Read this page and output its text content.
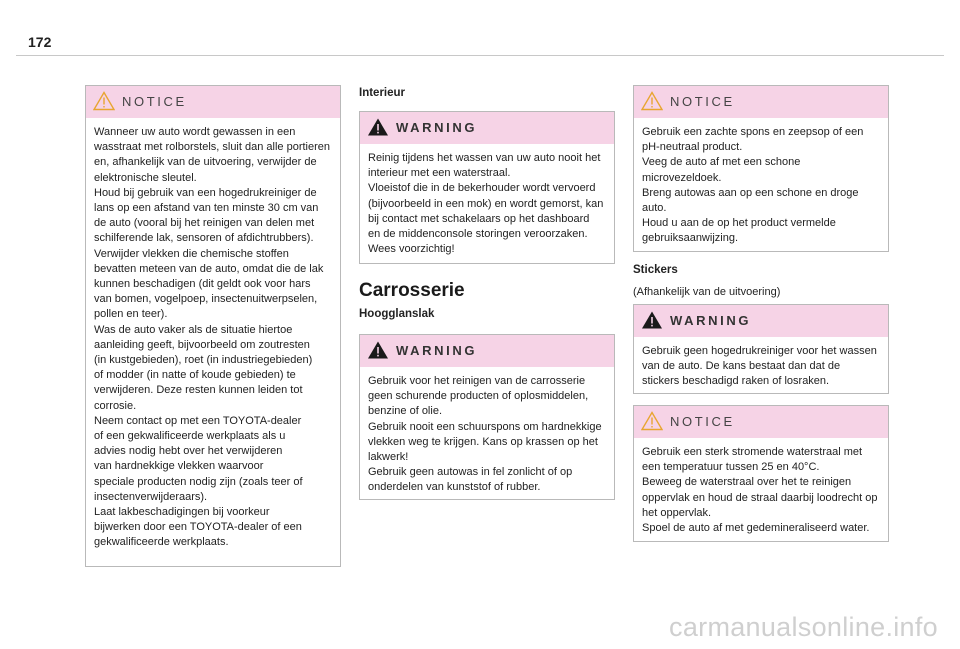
172
NOTICE

Wanneer uw auto wordt gewassen in een
wasstraat met rolborstels, sluit dan alle portieren
en, afhankelijk van de uitvoering, verwijder de
elektronische sleutel.
Houd bij gebruik van een hogedrukreiniger de
lans op een afstand van ten minste 30 cm van
de auto (vooral bij het reinigen van delen met
schilferende lak, sensoren of afdichtrubbers).
Verwijder vlekken die chemische stoffen
bevatten meteen van de auto, omdat die de lak
kunnen beschadigen (dit geldt ook voor hars
van bomen, vogelpoep, insectenuitwerpselen,
pollen en teer).
Was de auto vaker als de situatie hiertoe
aanleiding geeft, bijvoorbeeld om zoutresten
(in kustgebieden), roet (in industriegebieden)
of modder (in natte of koude gebieden) te
verwijderen. Deze resten kunnen leiden tot
corrosie.
Neem contact op met een TOYOTA-dealer
of een gekwalificeerde werkplaats als u
advies nodig hebt over het verwijderen
van hardnekkige vlekken waarvoor
speciale producten nodig zijn (zoals teer of
insectenverwijderaars).
Laat lakbeschadigingen bij voorkeur
bijwerken door een TOYOTA-dealer of een
gekwalificeerde werkplaats.

Interieur
WARNING

Reinig tijdens het wassen van uw auto nooit het
interieur met een waterstraal.
Vloeistof die in de bekerhouder wordt vervoerd
(bijvoorbeeld in een mok) en wordt gemorst, kan
bij contact met schakelaars op het dashboard
en de middenconsole storingen veroorzaken.
Wees voorzichtig!

Carrosserie
Hoogglanslak
WARNING

Gebruik voor het reinigen van de carrosserie
geen schurende producten of oplosmiddelen,
benzine of olie.
Gebruik nooit een schuurspons om hardnekkige
vlekken weg te krijgen. Kans op krassen op het
lakwerk!
Gebruik geen autowas in fel zonlicht of op
onderdelen van kunststof of rubber.

NOTICE

Gebruik een zachte spons en zeepsop of een
pH-neutraal product.
Veeg de auto af met een schone
microvezeldoek.
Breng autowas aan op een schone en droge
auto.
Houd u aan de op het product vermelde
gebruiksaanwijzing.

Stickers
(Afhankelijk van de uitvoering)
WARNING

Gebruik geen hogedrukreiniger voor het wassen
van de auto. De kans bestaat dan dat de
stickers beschadigd raken of losraken.

NOTICE

Gebruik een sterk stromende waterstraal met
een temperatuur tussen 25 en 40°C.
Beweeg de waterstraal over het te reinigen
oppervlak en houd de straal daarbij loodrecht op
het oppervlak.
Spoel de auto af met gedemineraliseerd water.

carmanualsonline.info
